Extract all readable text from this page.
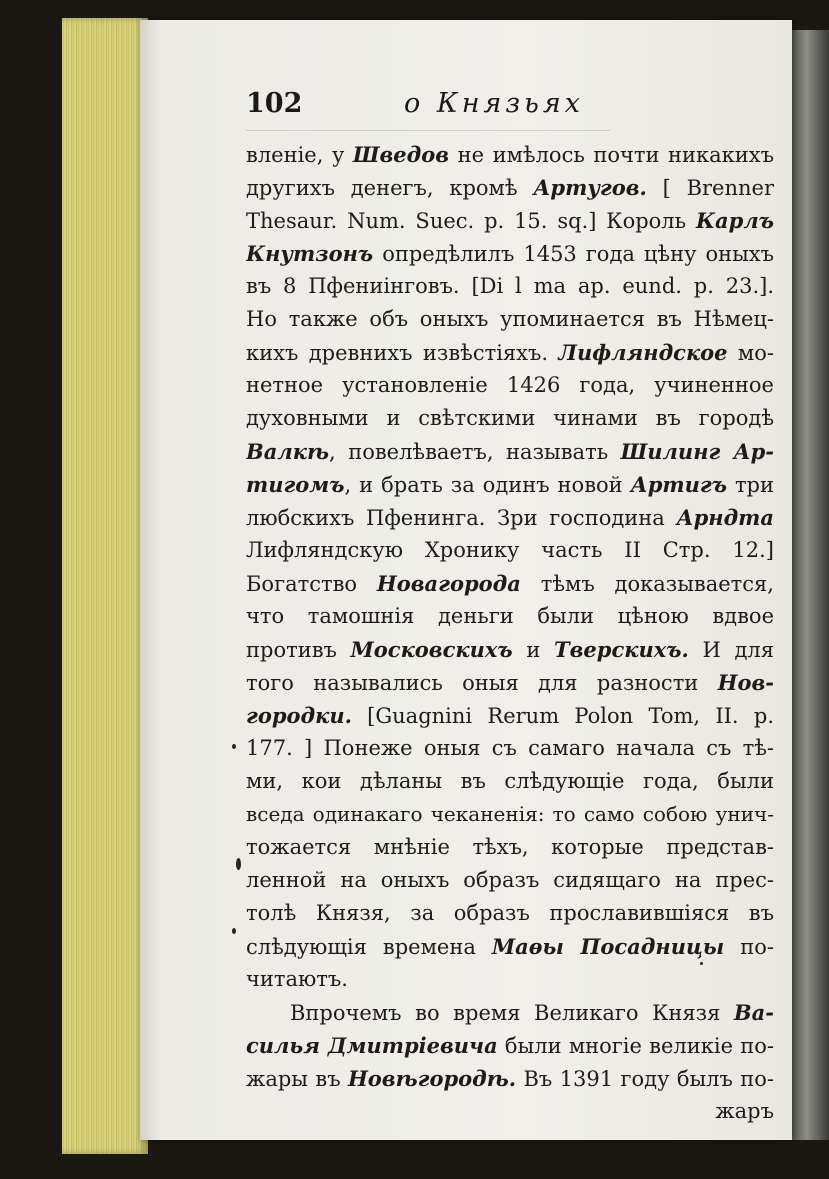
102	о Князьях
вленіе, у Шведов не имѣлось почти никакихъ
другихъ денегъ, кромѣ Артугов. [ Brenner
Thesaur. Num. Suec. p. 15. sq.] Король Карлъ
Кнутзонъ опредѣлилъ 1453 года цѣну оныхъ
въ 8 Пфениінговъ. [Di l ma ap. eund. p. 23.].
Но также объ оныхъ упоминается въ Нѣмец-
кихъ древнихъ извѣстіяхъ. Лифляндское мо-
нетное установленіе 1426 года, учиненное
духовными и свѣтскими чинами въ городѣ
Валкѣ, повелѣваетъ, называть Шилинг Ар-
тигомъ, и брать за одинъ новой Артигъ три
любскихъ Пфенинга. Зри господина Арндта
Лифляндскую Хронику часть II Стр. 12.]
Богатство Новагорода тѣмъ доказывается,
что тамошнія деньги были цѣною вдвое
противъ Московскихъ и Тверскихъ. И для
того назывались оныя для разности Нов-
городки. [Guagnini Rerum Polon Tom, II. p.
177. ] Понеже оныя съ самаго начала съ тѣ-
ми, кои дѣланы въ слѣдующіе года, были
вседа одинакаго чеканенія: то само собою унич-
тожается мнѣніе тѣхъ, которые представ-
ленной на оныхъ образъ сидящаго на прес-
толѣ Князя, за образъ прославившіяся въ
слѣдующія времена Маѳы Посадницы по-
читаютъ.
Впрочемъ во время Великаго Князя Ва-
силья Дмитріевича были многіе великіе по-
жары въ Новѣгородѣ. Въ 1391 году былъ по-
жаръ
